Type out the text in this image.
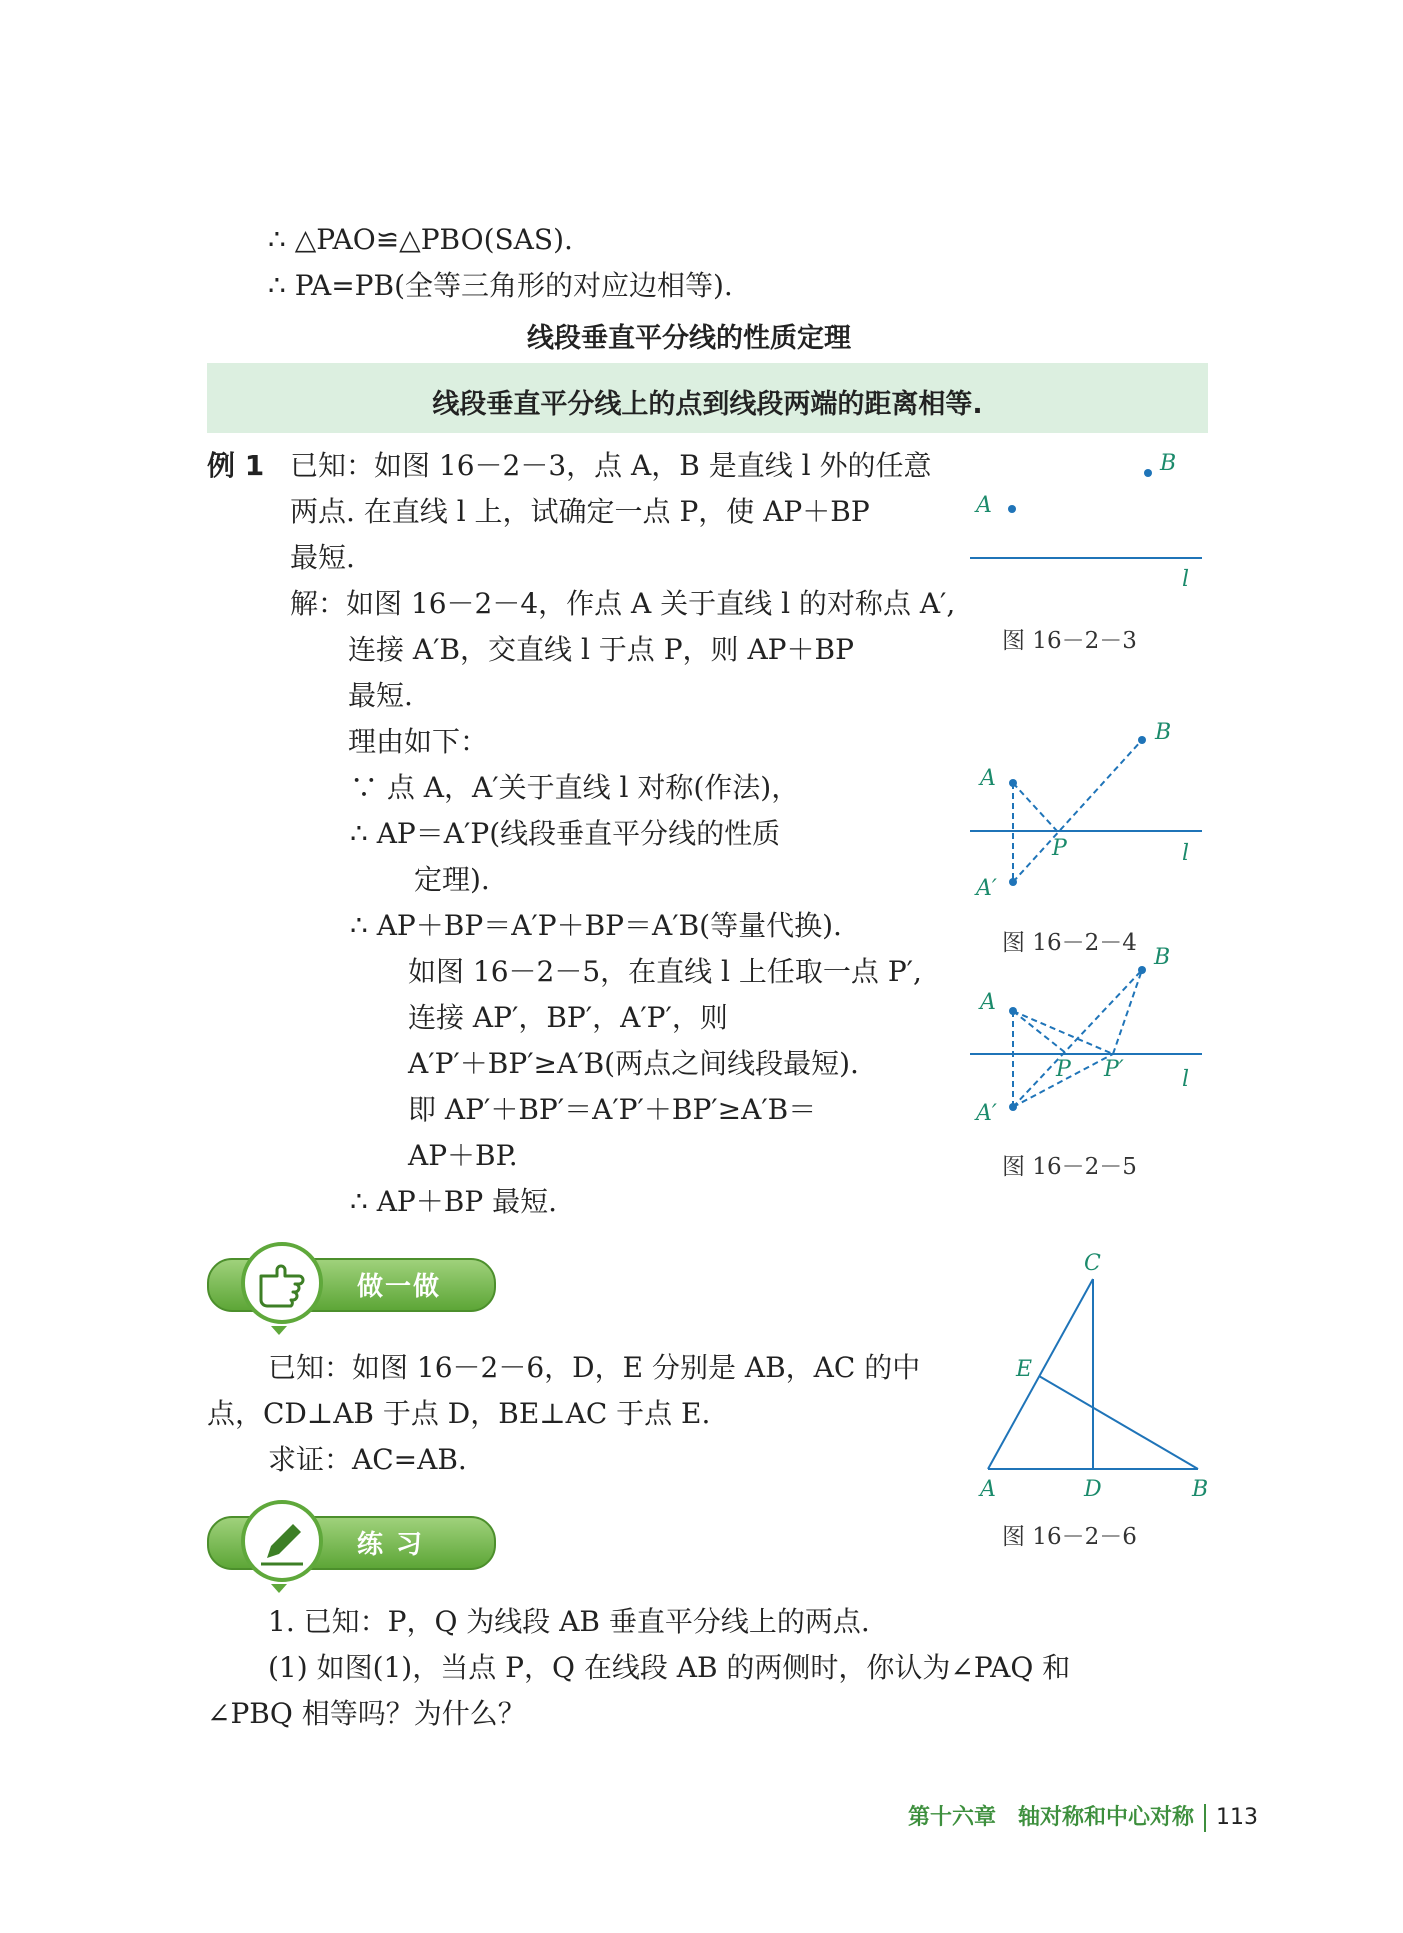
∴ △PAO≌△PBO(SAS).
∴ PA=PB(全等三角形的对应边相等).
线段垂直平分线的性质定理
线段垂直平分线上的点到线段两端的距离相等.
例 1 已知：如图 16－2－3，点 A，B 是直线 l 外的任意
两点. 在直线 l 上，试确定一点 P，使 AP＋BP
最短.
解：如图 16－2－4，作点 A 关于直线 l 的对称点 A′,
连接 A′B，交直线 l 于点 P，则 AP＋BP
最短.
理由如下：
∵ 点 A，A′关于直线 l 对称(作法)，
∴ AP＝A′P(线段垂直平分线的性质
定理).
∴ AP＋BP＝A′P＋BP＝A′B(等量代换).
如图 16－2－5，在直线 l 上任取一点 P′,
连接 AP′，BP′，A′P′，则
A′P′＋BP′≥A′B(两点之间线段最短).
即 AP′＋BP′＝A′P′＋BP′≥A′B＝
AP＋BP.
∴ AP＋BP 最短.
B
A
l
图 16－2－3
B
A
P	l
A′
图 16－2－4
B
A
P P′	l
A′
图 16－2－5
做一做
已知：如图 16－2－6，D，E 分别是 AB，AC 的中
点，CD⊥AB 于点 D，BE⊥AC 于点 E.
求证：AC=AB.
C
E
A	D	B
图 16－2－6
练 习
1. 已知：P，Q 为线段 AB 垂直平分线上的两点.
(1) 如图(1)，当点 P，Q 在线段 AB 的两侧时，你认为∠PAQ 和
∠PBQ 相等吗？为什么？
第十六章　轴对称和中心对称 113
